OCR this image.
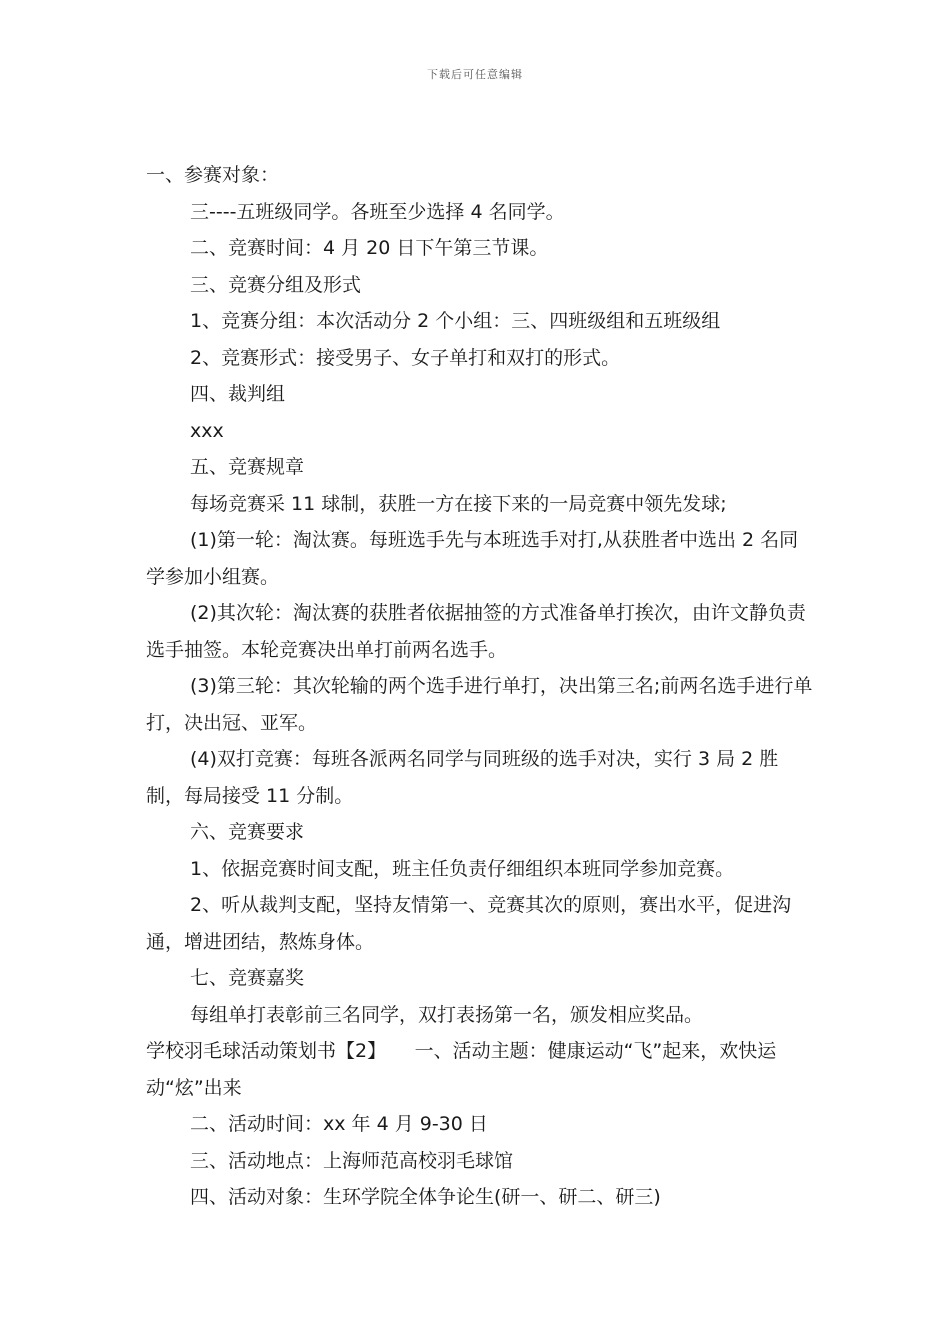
下载后可任意编辑

一、参赛对象：

三----五班级同学。各班至少选择 4 名同学。

二、竞赛时间：4 月 20 日下午第三节课。

三、竞赛分组及形式

1、竞赛分组：本次活动分 2 个小组：三、四班级组和五班级组

2、竞赛形式：接受男子、女子单打和双打的形式。

四、裁判组

xxx

五、竞赛规章

每场竞赛采 11 球制，获胜一方在接下来的一局竞赛中领先发球;

(1)第一轮：淘汰赛。每班选手先与本班选手对打,从获胜者中选出 2 名同学参加小组赛。

(2)其次轮：淘汰赛的获胜者依据抽签的方式准备单打挨次，由许文静负责选手抽签。本轮竞赛决出单打前两名选手。

(3)第三轮：其次轮输的两个选手进行单打，决出第三名;前两名选手进行单打，决出冠、亚军。

(4)双打竞赛：每班各派两名同学与同班级的选手对决，实行 3 局 2 胜制，每局接受 11 分制。

六、竞赛要求

1、依据竞赛时间支配，班主任负责仔细组织本班同学参加竞赛。

2、听从裁判支配，坚持友情第一、竞赛其次的原则，赛出水平，促进沟通，增进团结，熬炼身体。

七、竞赛嘉奖

每组单打表彰前三名同学，双打表扬第一名，颁发相应奖品。

学校羽毛球活动策划书【2】　　一、活动主题：健康运动“飞”起来，欢快运动“炫”出来

二、活动时间：xx 年 4 月 9-30 日

三、活动地点：上海师范高校羽毛球馆

四、活动对象：生环学院全体争论生(研一、研二、研三)
